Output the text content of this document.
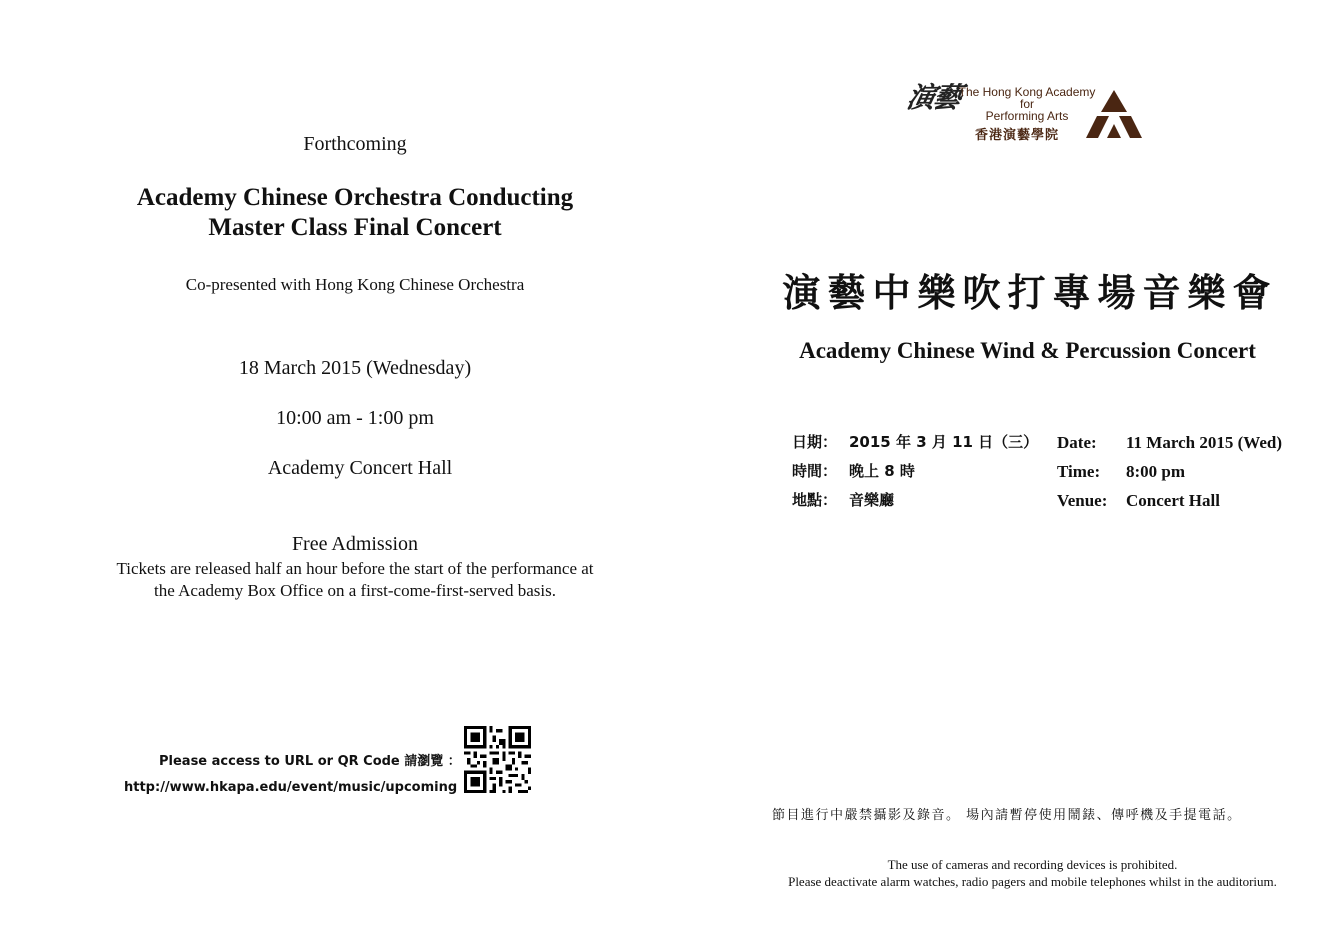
Forthcoming
Academy Chinese Orchestra Conducting
Master Class Final Concert
Co-presented with Hong Kong Chinese Orchestra
18 March 2015 (Wednesday)
10:00 am - 1:00 pm
Academy Concert Hall
Free Admission
Tickets are released half an hour before the start of the performance at
the Academy Box Office on a first-come-first-served basis.
Please access to URL or QR Code 請瀏覽 ：
http://www.hkapa.edu/event/music/upcoming
演藝
The Hong Kong Academy
for
Performing Arts
香港演藝學院
演藝中樂吹打專場音樂會
Academy Chinese Wind & Percussion Concert
日期：
時間：
地點：
2015 年 3 月 11 日（三）
晚上 8 時
音樂廳
Date:
Time:
Venue:
11 March 2015 (Wed)
8:00 pm
Concert Hall
節目進行中嚴禁攝影及錄音。 場內請暫停使用鬧錶、傳呼機及手提電話。
The use of cameras and recording devices is prohibited.
Please deactivate alarm watches, radio pagers and mobile telephones whilst in the auditorium.
